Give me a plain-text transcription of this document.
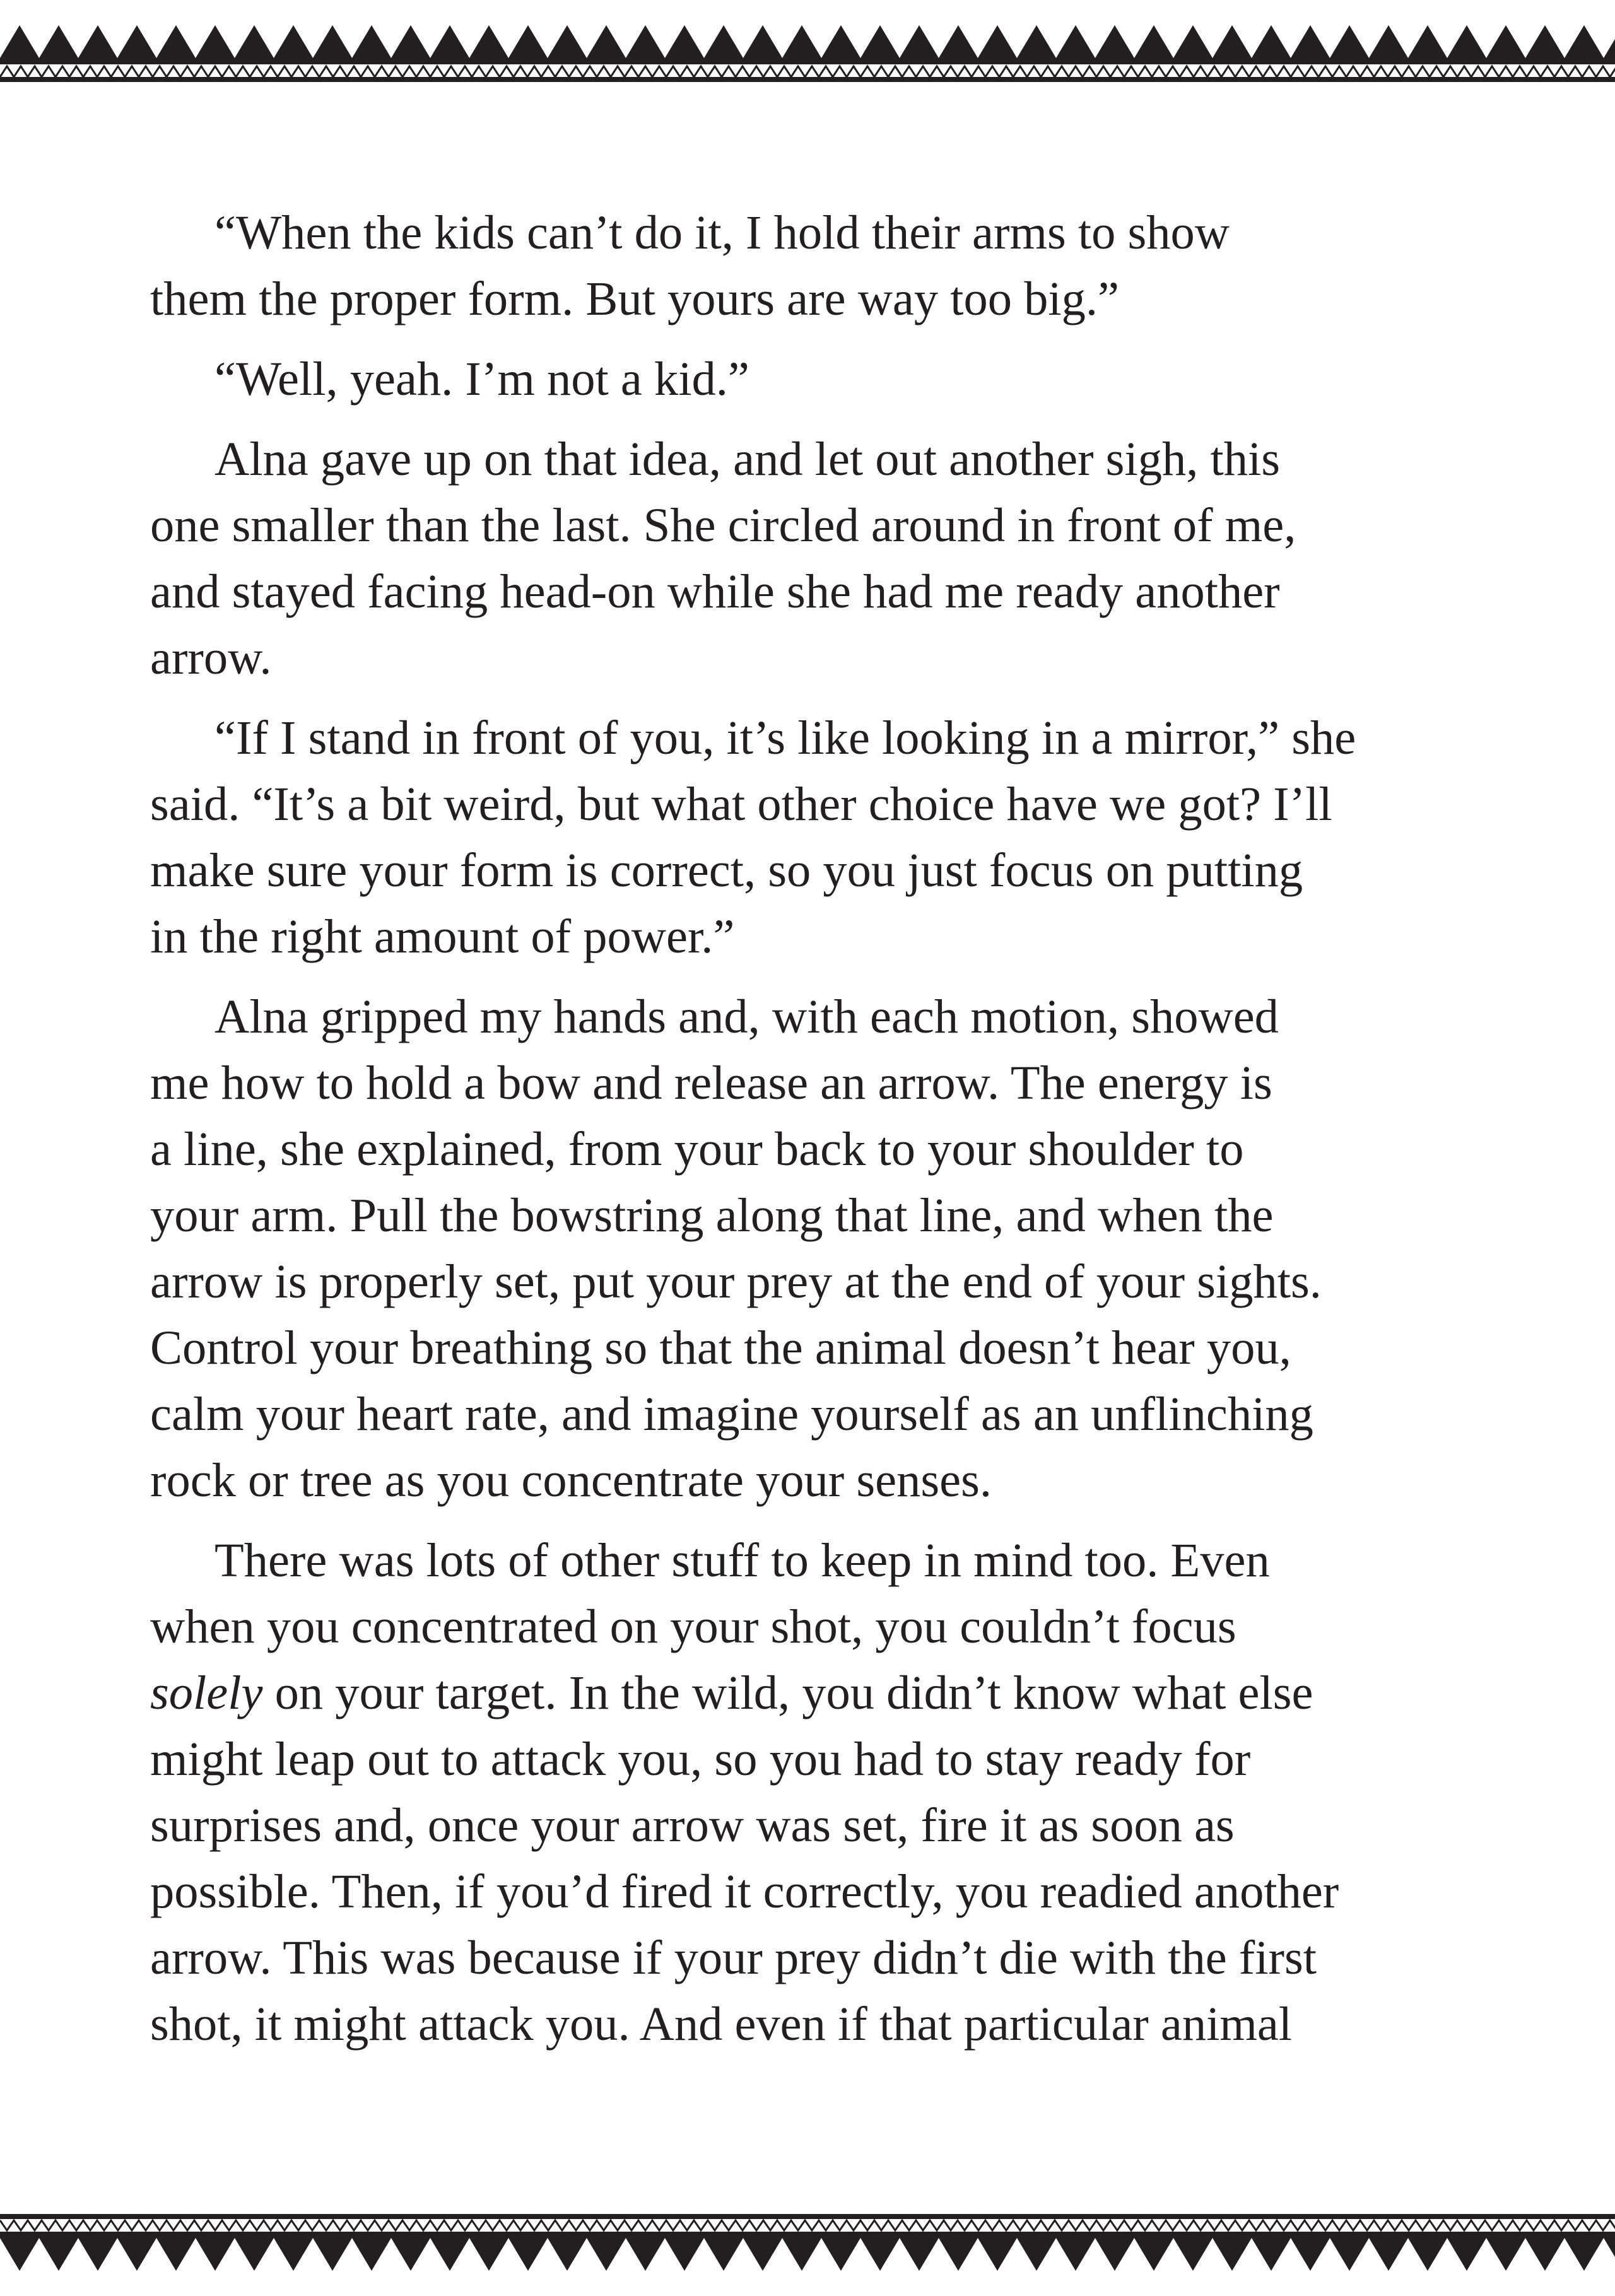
“When the kids can’t do it, I hold their arms to show
them the proper form. But yours are way too big.”

“Well, yeah. I’m not a kid.”

Alna gave up on that idea, and let out another sigh, this
one smaller than the last. She circled around in front of me,
and stayed facing head-on while she had me ready another
arrow.

“If I stand in front of you, it’s like looking in a mirror,” she
said. “It’s a bit weird, but what other choice have we got? I’ll
make sure your form is correct, so you just focus on putting
in the right amount of power.”

Alna gripped my hands and, with each motion, showed
me how to hold a bow and release an arrow. The energy is
a line, she explained, from your back to your shoulder to
your arm. Pull the bowstring along that line, and when the
arrow is properly set, put your prey at the end of your sights.
Control your breathing so that the animal doesn’t hear you,
calm your heart rate, and imagine yourself as an unflinching
rock or tree as you concentrate your senses.

There was lots of other stuff to keep in mind too. Even
when you concentrated on your shot, you couldn’t focus
solely on your target. In the wild, you didn’t know what else
might leap out to attack you, so you had to stay ready for
surprises and, once your arrow was set, fire it as soon as
possible. Then, if you’d fired it correctly, you readied another
arrow. This was because if your prey didn’t die with the first
shot, it might attack you. And even if that particular animal
